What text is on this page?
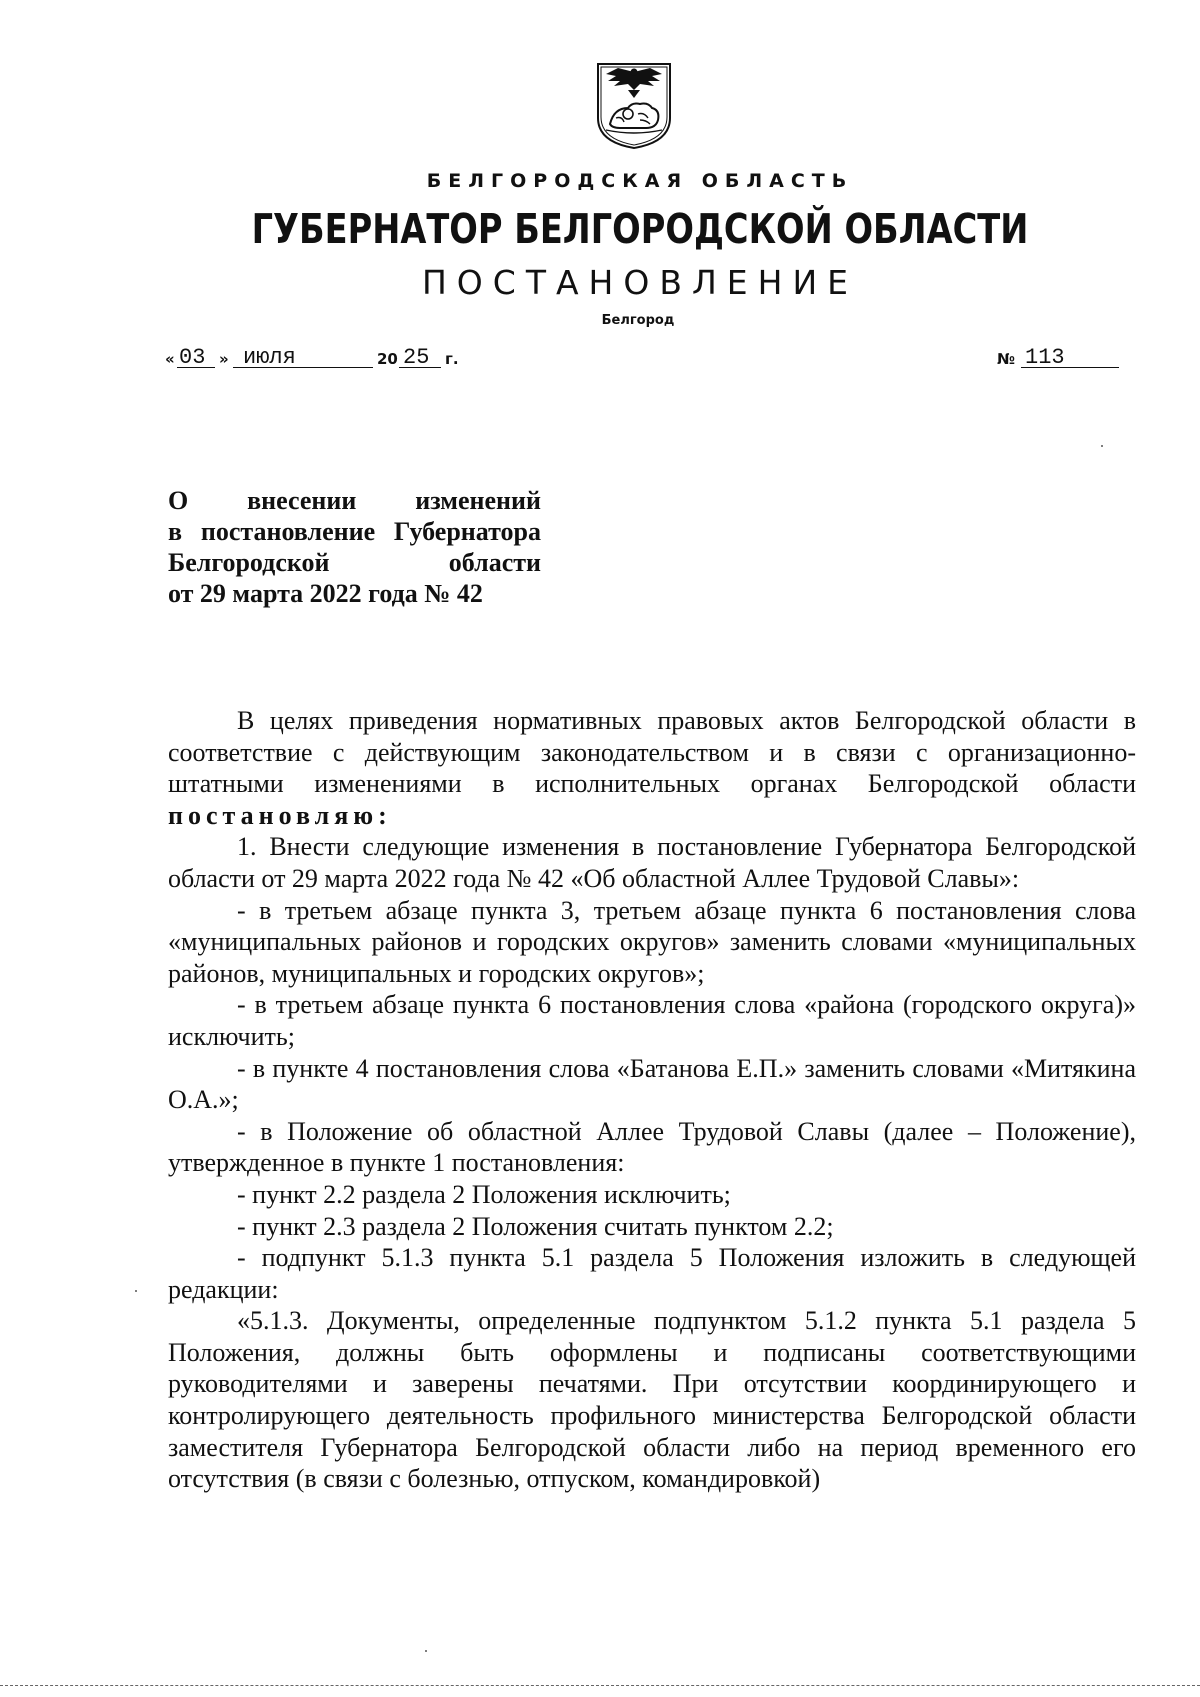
БЕЛГОРОДСКАЯ ОБЛАСТЬ
ГУБЕРНАТОР БЕЛГОРОДСКОЙ ОБЛАСТИ
ПОСТАНОВЛЕНИЕ
Белгород
« 03 » июля	20 25 г.	№ 113
О внесении изменений
в постановление Губернатора
Белгородской области
от 29 марта 2022 года № 42

В целях приведения нормативных правовых актов Белгородской области в соответствие с действующим законодательством и в связи с организационно-штатными изменениями в исполнительных органах Белгородской области постановляю:

1. Внести следующие изменения в постановление Губернатора Белгородской области от 29 марта 2022 года № 42 «Об областной Аллее Трудовой Славы»:

- в третьем абзаце пункта 3, третьем абзаце пункта 6 постановления слова «муниципальных районов и городских округов» заменить словами «муниципальных районов, муниципальных и городских округов»;

- в третьем абзаце пункта 6 постановления слова «района (городского округа)» исключить;

- в пункте 4 постановления слова «Батанова Е.П.» заменить словами «Митякина О.А.»;

- в Положение об областной Аллее Трудовой Славы (далее – Положение), утвержденное в пункте 1 постановления:

- пункт 2.2 раздела 2 Положения исключить;

- пункт 2.3 раздела 2 Положения считать пунктом 2.2;

- подпункт 5.1.3 пункта 5.1 раздела 5 Положения изложить в следующей редакции:

«5.1.3. Документы, определенные подпунктом 5.1.2 пункта 5.1 раздела 5 Положения, должны быть оформлены и подписаны соответствующими руководителями и заверены печатями. При отсутствии координирующего и контролирующего деятельность профильного министерства Белгородской области заместителя Губернатора Белгородской области либо на период временного его отсутствия (в связи с болезнью, отпуском, командировкой)
